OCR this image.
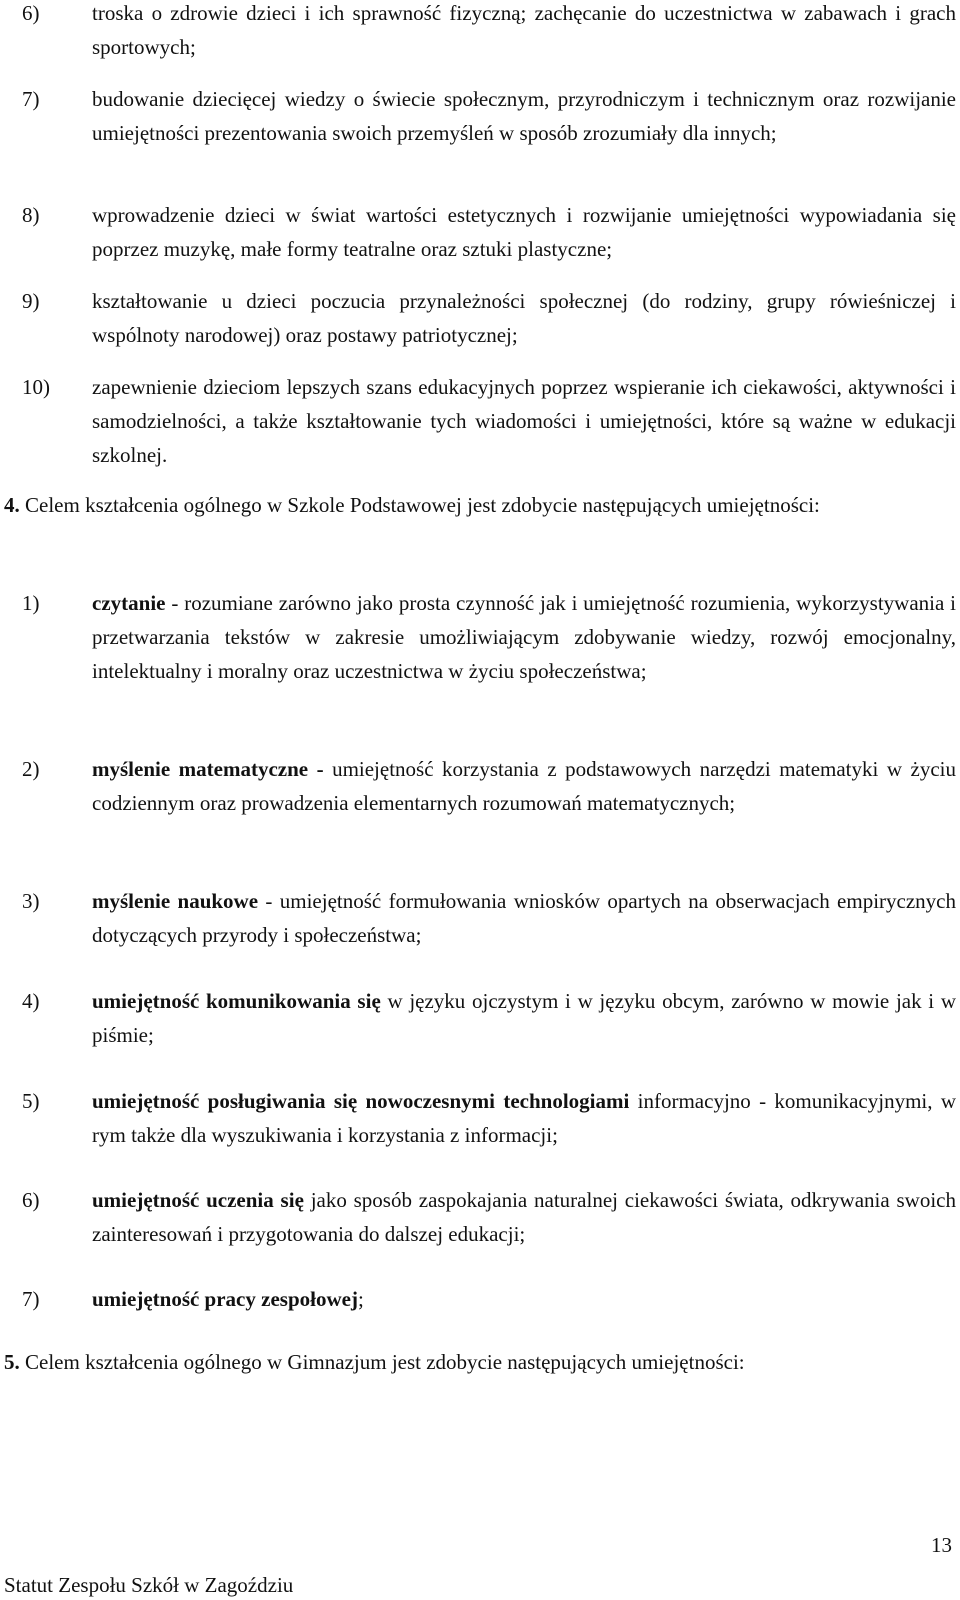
6)	troska o zdrowie dzieci i ich sprawność fizyczną; zachęcanie do uczestnictwa w zabawach i grach sportowych;
7)	budowanie dziecięcej wiedzy o świecie społecznym, przyrodniczym i technicznym oraz rozwijanie umiejętności prezentowania swoich przemyśleń w sposób zrozumiały dla innych;
8)	wprowadzenie dzieci w świat wartości estetycznych i rozwijanie umiejętności wypowiadania się poprzez muzykę, małe formy teatralne oraz sztuki plastyczne;
9)	kształtowanie u dzieci poczucia przynależności społecznej (do rodziny, grupy rówieśniczej i wspólnoty narodowej) oraz postawy patriotycznej;
10) zapewnienie dzieciom lepszych szans edukacyjnych poprzez wspieranie ich ciekawości, aktywności i samodzielności, a także kształtowanie tych wiadomości i umiejętności, które są ważne w edukacji szkolnej.
4. Celem kształcenia ogólnego w Szkole Podstawowej jest zdobycie następujących umiejętności:
1)	czytanie - rozumiane zarówno jako prosta czynność jak i umiejętność rozumienia, wykorzystywania i przetwarzania tekstów w zakresie umożliwiającym zdobywanie wiedzy, rozwój emocjonalny, intelektualny i moralny oraz uczestnictwa w życiu społeczeństwa;
2)	myślenie matematyczne - umiejętność korzystania z podstawowych narzędzi matematyki w życiu codziennym oraz prowadzenia elementarnych rozumowań matematycznych;
3)	myślenie naukowe - umiejętność formułowania wniosków opartych na obserwacjach empirycznych dotyczących przyrody i społeczeństwa;
4)	umiejętność komunikowania się w języku ojczystym i w języku obcym, zarówno w mowie jak i w piśmie;
5)	umiejętność posługiwania się nowoczesnymi technologiami informacyjno - komunikacyjnymi, w rym także dla wyszukiwania i korzystania z informacji;
6)	umiejętność uczenia się jako sposób zaspokajania naturalnej ciekawości świata, odkrywania swoich zainteresowań i przygotowania do dalszej edukacji;
7)	umiejętność pracy zespołowej;
5. Celem kształcenia ogólnego w Gimnazjum jest zdobycie następujących umiejętności:
13
Statut Zespołu Szkół w Zagoździu
